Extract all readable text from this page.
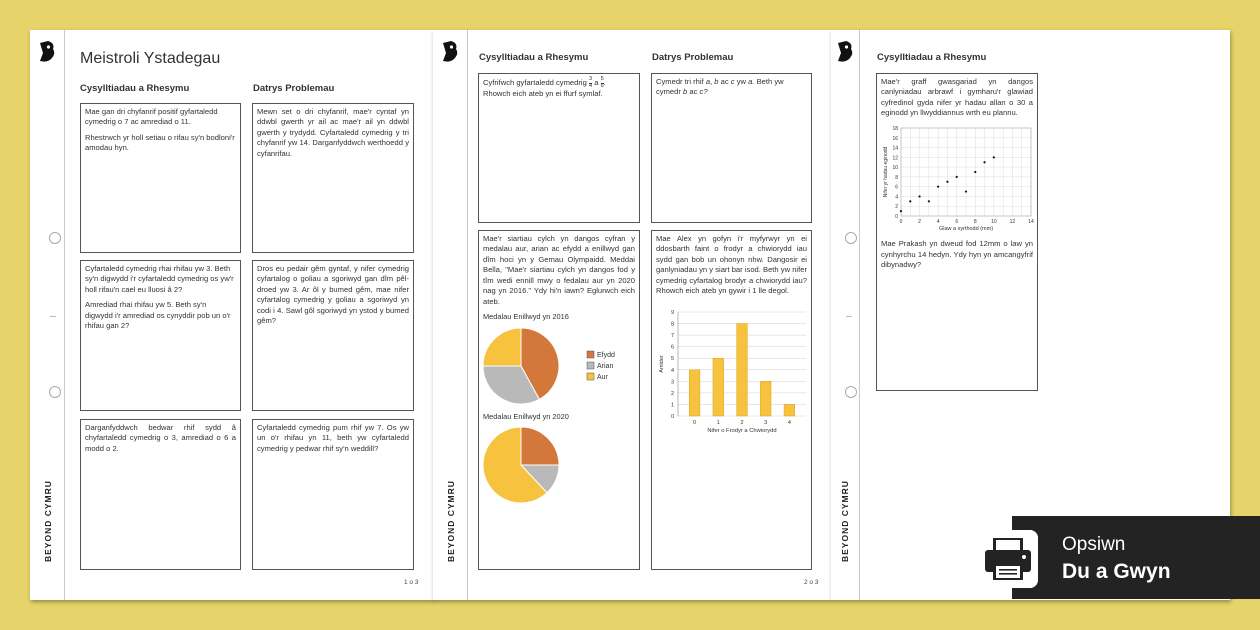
BEYOND CYMRU
Meistroli Ystadegau
Cysylltiadau a Rhesymu	Datrys Problemau

Mae gan dri chyfanrif positif gyfartaledd cymedrig o 7 ac amrediad o 11.

Rhestrwch yr holl setiau o rifau sy'n bodloni'r amodau hyn.

Mewn set o dri chyfanrif, mae'r cyntaf yn ddwbl gwerth yr ail ac mae'r ail yn ddwbl gwerth y trydydd. Cyfartaledd cymedrig y tri chyfanrif yw 14. Darganfyddwch werthoedd y cyfanrifau.

Cyfartaledd cymedrig rhai rhifau yw 3. Beth sy'n digwydd i'r cyfartaledd cymedrig os yw'r holl rifau'n cael eu lluosi â 2?

Amrediad rhai rhifau yw 5. Beth sy'n digwydd i'r amrediad os cynyddir pob un o'r rhifau gan 2?

Dros eu pedair gêm gyntaf, y nifer cymedrig cyfartalog o goliau a sgoriwyd gan dîm pêl-droed yw 3. Ar ôl y bumed gêm, mae nifer cyfartalog cymedrig y goliau a sgoriwyd yn codi i 4. Sawl gôl sgoriwyd yn ystod y bumed gêm?

Darganfyddwch bedwar rhif sydd â chyfartaledd cymedrig o 3, amrediad o 6 a modd o 2.

Cyfartaledd cymedrig pum rhif yw 7. Os yw un o'r rhifau yn 11, beth yw cyfartaledd cymedrig y pedwar rhif sy'n weddill?

1 o 3
BEYOND CYMRU
Cysylltiadau a Rhesymu	Datrys Problemau
Cyfrifwch gyfartaledd cymedrig $\frac{3}{4}$ a $\frac{5}{6}$ .
Rhowch eich ateb yn ei ffurf symlaf.
Cymedr tri rhif a, b ac c yw a. Beth yw cymedr b ac c?

Mae'r siartiau cylch yn dangos cyfran y medalau aur, arian ac efydd a enillwyd gan dîm hoci yn y Gemau Olympaidd. Meddai Bella, "Mae'r siartiau cylch yn dangos fod y tîm wedi ennill mwy o fedalau aur yn 2020 nag yn 2016." Ydy hi'n iawn? Eglurwch eich ateb.

Medalau Enillwyd yn 2016
Efydd
Arian
Aur
Medalau Enillwyd yn 2020

Mae Alex yn gofyn i'r myfyrwyr yn ei ddosbarth faint o frodyr a chwiorydd iau sydd gan bob un ohonyn nhw. Dangosir ei ganlyniadau yn y siart bar isod. Beth yw nifer cymedrig cyfartalog brodyr a chwiorydd iau? Rhowch eich ateb yn gywir i 1 lle degol.

0
1
2
3
4
5
6
7
8
9
0	1	2	3	4
Nifer o Frodyr a Chwiorydd
Amlder
2 o 3
BEYOND CYMRU
Cysylltiadau a Rhesymu

Mae'r graff gwasgariad yn dangos canlyniadau arbrawf i gymharu'r glawiad cyfredinol gyda nifer yr hadau allan o 30 a eginodd yn llwyddiannus wrth eu plannu.

0
2
4
6
8
10
12
14
16
18
0	2	4	6	8	10	12	14
Glaw a syrthodd (mm)
Nifer yr hadau eginodd

Mae Prakash yn dweud fod 12mm o law yn cynhyrchu 14 hedyn. Ydy hyn yn amcangyfrif dibynadwy?

Opsiwn
Du a Gwyn
